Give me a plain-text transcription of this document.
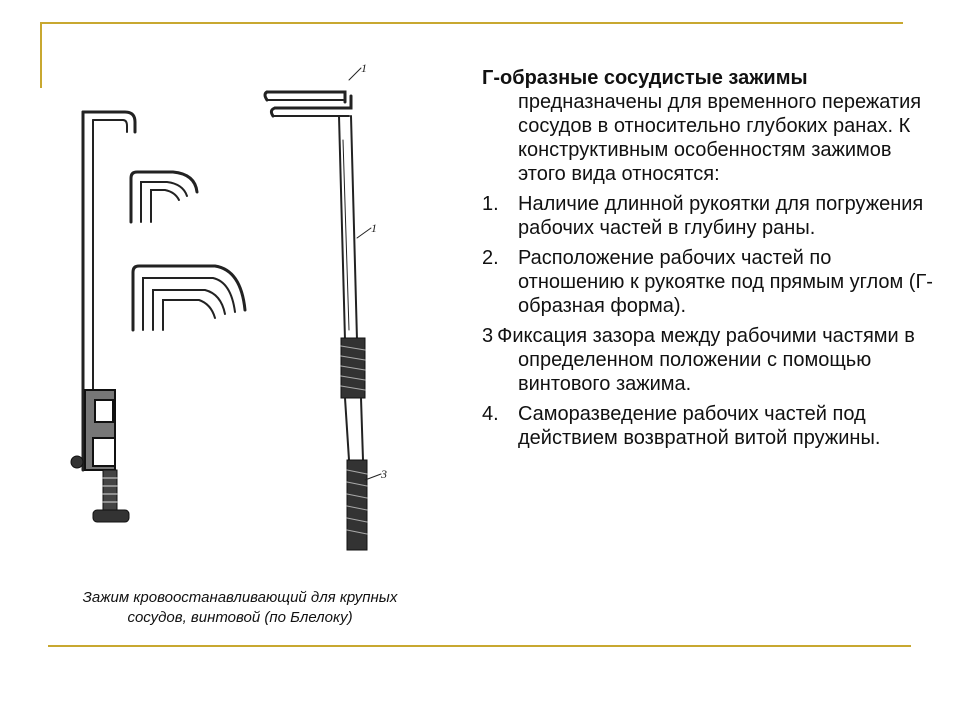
1
1
3
Зажим кровоостанавливающий для крупных
сосудов, винтовой (по Блелоку)

Г-образные сосудистые зажимы предназначены для временного пережатия сосудов в относительно глубоких ранах. К конструктивным особенностям зажимов этого вида относятся:

1. Наличие длинной рукоятки для погружения рабочих частей в глубину раны.

2. Расположение рабочих частей по отношению к рукоятке под прямым углом (Г-образная форма).

3 Фиксация зазора между рабочими частями в определенном положении с помощью винтового зажима.

4. Саморазведение рабочих частей под действием возвратной витой пружины.
